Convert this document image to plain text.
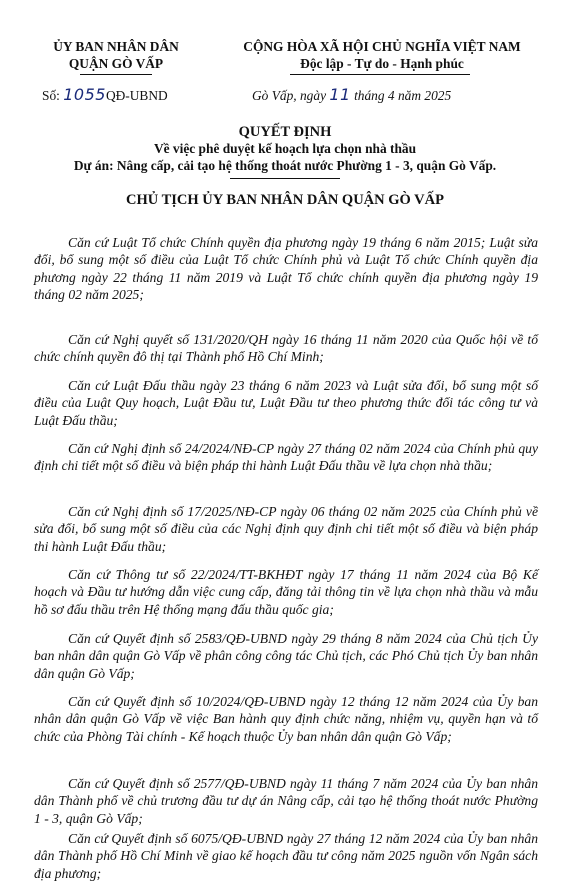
ỦY BAN NHÂN DÂN
QUẬN GÒ VẤP
Số: 1055QĐ-UBND
CỘNG HÒA XÃ HỘI CHỦ NGHĨA VIỆT NAM
Độc lập - Tự do - Hạnh phúc
Gò Vấp, ngày 11 tháng 4 năm 2025
QUYẾT ĐỊNH
Về việc phê duyệt kế hoạch lựa chọn nhà thầu
Dự án: Nâng cấp, cải tạo hệ thống thoát nước Phường 1 - 3, quận Gò Vấp.
CHỦ TỊCH ỦY BAN NHÂN DÂN QUẬN GÒ VẤP
Căn cứ Luật Tổ chức Chính quyền địa phương ngày 19 tháng 6 năm 2015; Luật sửa đổi, bổ sung một số điều của Luật Tổ chức Chính phủ và Luật Tổ chức Chính quyền địa phương ngày 22 tháng 11 năm 2019 và Luật Tổ chức chính quyền địa phương ngày 19 tháng 02 năm 2025;
Căn cứ Nghị quyết số 131/2020/QH ngày 16 tháng 11 năm 2020 của Quốc hội về tổ chức chính quyền đô thị tại Thành phố Hồ Chí Minh;
Căn cứ Luật Đấu thầu ngày 23 tháng 6 năm 2023 và Luật sửa đổi, bổ sung một số điều của Luật Quy hoạch, Luật Đầu tư, Luật Đầu tư theo phương thức đối tác công tư và Luật Đấu thầu;
Căn cứ Nghị định số 24/2024/NĐ-CP ngày 27 tháng 02 năm 2024 của Chính phủ quy định chi tiết một số điều và biện pháp thi hành Luật Đấu thầu về lựa chọn nhà thầu;
Căn cứ Nghị định số 17/2025/NĐ-CP ngày 06 tháng 02 năm 2025 của Chính phủ về sửa đổi, bổ sung một số điều của các Nghị định quy định chi tiết một số điều và biện pháp thi hành Luật Đấu thầu;
Căn cứ Thông tư số 22/2024/TT-BKHĐT ngày 17 tháng 11 năm 2024 của Bộ Kế hoạch và Đầu tư hướng dẫn việc cung cấp, đăng tải thông tin về lựa chọn nhà thầu và mẫu hồ sơ đấu thầu trên Hệ thống mạng đấu thầu quốc gia;
Căn cứ Quyết định số 2583/QĐ-UBND ngày 29 tháng 8 năm 2024 của Chủ tịch Ủy ban nhân dân quận Gò Vấp về phân công công tác Chủ tịch, các Phó Chủ tịch Ủy ban nhân dân quận Gò Vấp;
Căn cứ Quyết định số 10/2024/QĐ-UBND ngày 12 tháng 12 năm 2024 của Ủy ban nhân dân quận Gò Vấp về việc Ban hành quy định chức năng, nhiệm vụ, quyền hạn và tổ chức của Phòng Tài chính - Kế hoạch thuộc Ủy ban nhân dân quận Gò Vấp;
Căn cứ Quyết định số 2577/QĐ-UBND ngày 11 tháng 7 năm 2024 của Ủy ban nhân dân Thành phố về chủ trương đầu tư dự án Nâng cấp, cải tạo hệ thống thoát nước Phường 1 - 3, quận Gò Vấp;
Căn cứ Quyết định số 6075/QĐ-UBND ngày 27 tháng 12 năm 2024 của Ủy ban nhân dân Thành phố Hồ Chí Minh về giao kế hoạch đầu tư công năm 2025 nguồn vốn Ngân sách địa phương;
